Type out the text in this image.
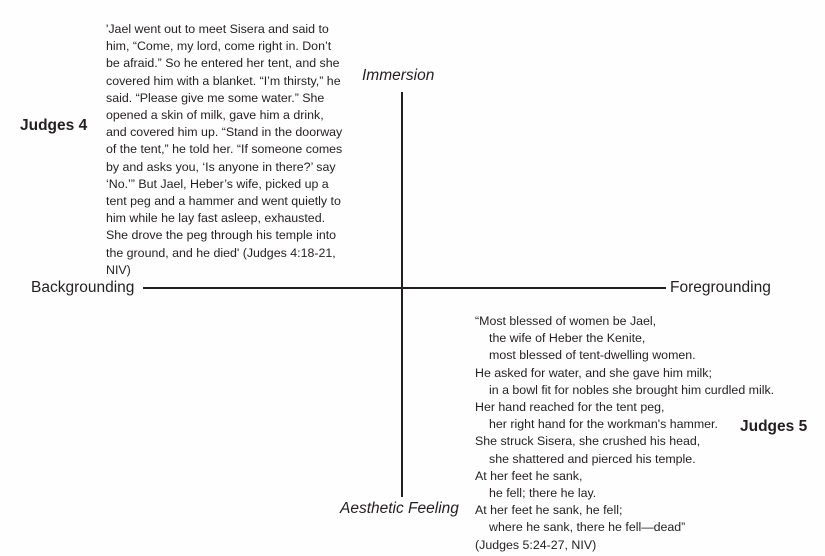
Backgrounding	Foregrounding
Immersion
Aesthetic Feeling
Judges 4
Judges 5
'Jael went out to meet Sisera and said to him, “Come, my lord, come right in. Don’t be afraid.” So he entered her tent, and she covered him with a blanket. “I’m thirsty,” he said. “Please give me some water.” She opened a skin of milk, gave him a drink, and covered him up. “Stand in the doorway of the tent,” he told her. “If someone comes by and asks you, ‘Is anyone in there?’ say ‘No.’” But Jael, Heber’s wife, picked up a tent peg and a hammer and went quietly to him while he lay fast asleep, exhausted. She drove the peg through his temple into the ground, and he died' (Judges 4:18-21, NIV)
“Most blessed of women be Jael,
the wife of Heber the Kenite,
most blessed of tent-dwelling women.
He asked for water, and she gave him milk;
in a bowl fit for nobles she brought him curdled milk.
Her hand reached for the tent peg,
her right hand for the workman's hammer.
She struck Sisera, she crushed his head,
she shattered and pierced his temple.
At her feet he sank,
he fell; there he lay.
At her feet he sank, he fell;
where he sank, there he fell—dead”
(Judges 5:24-27, NIV)
